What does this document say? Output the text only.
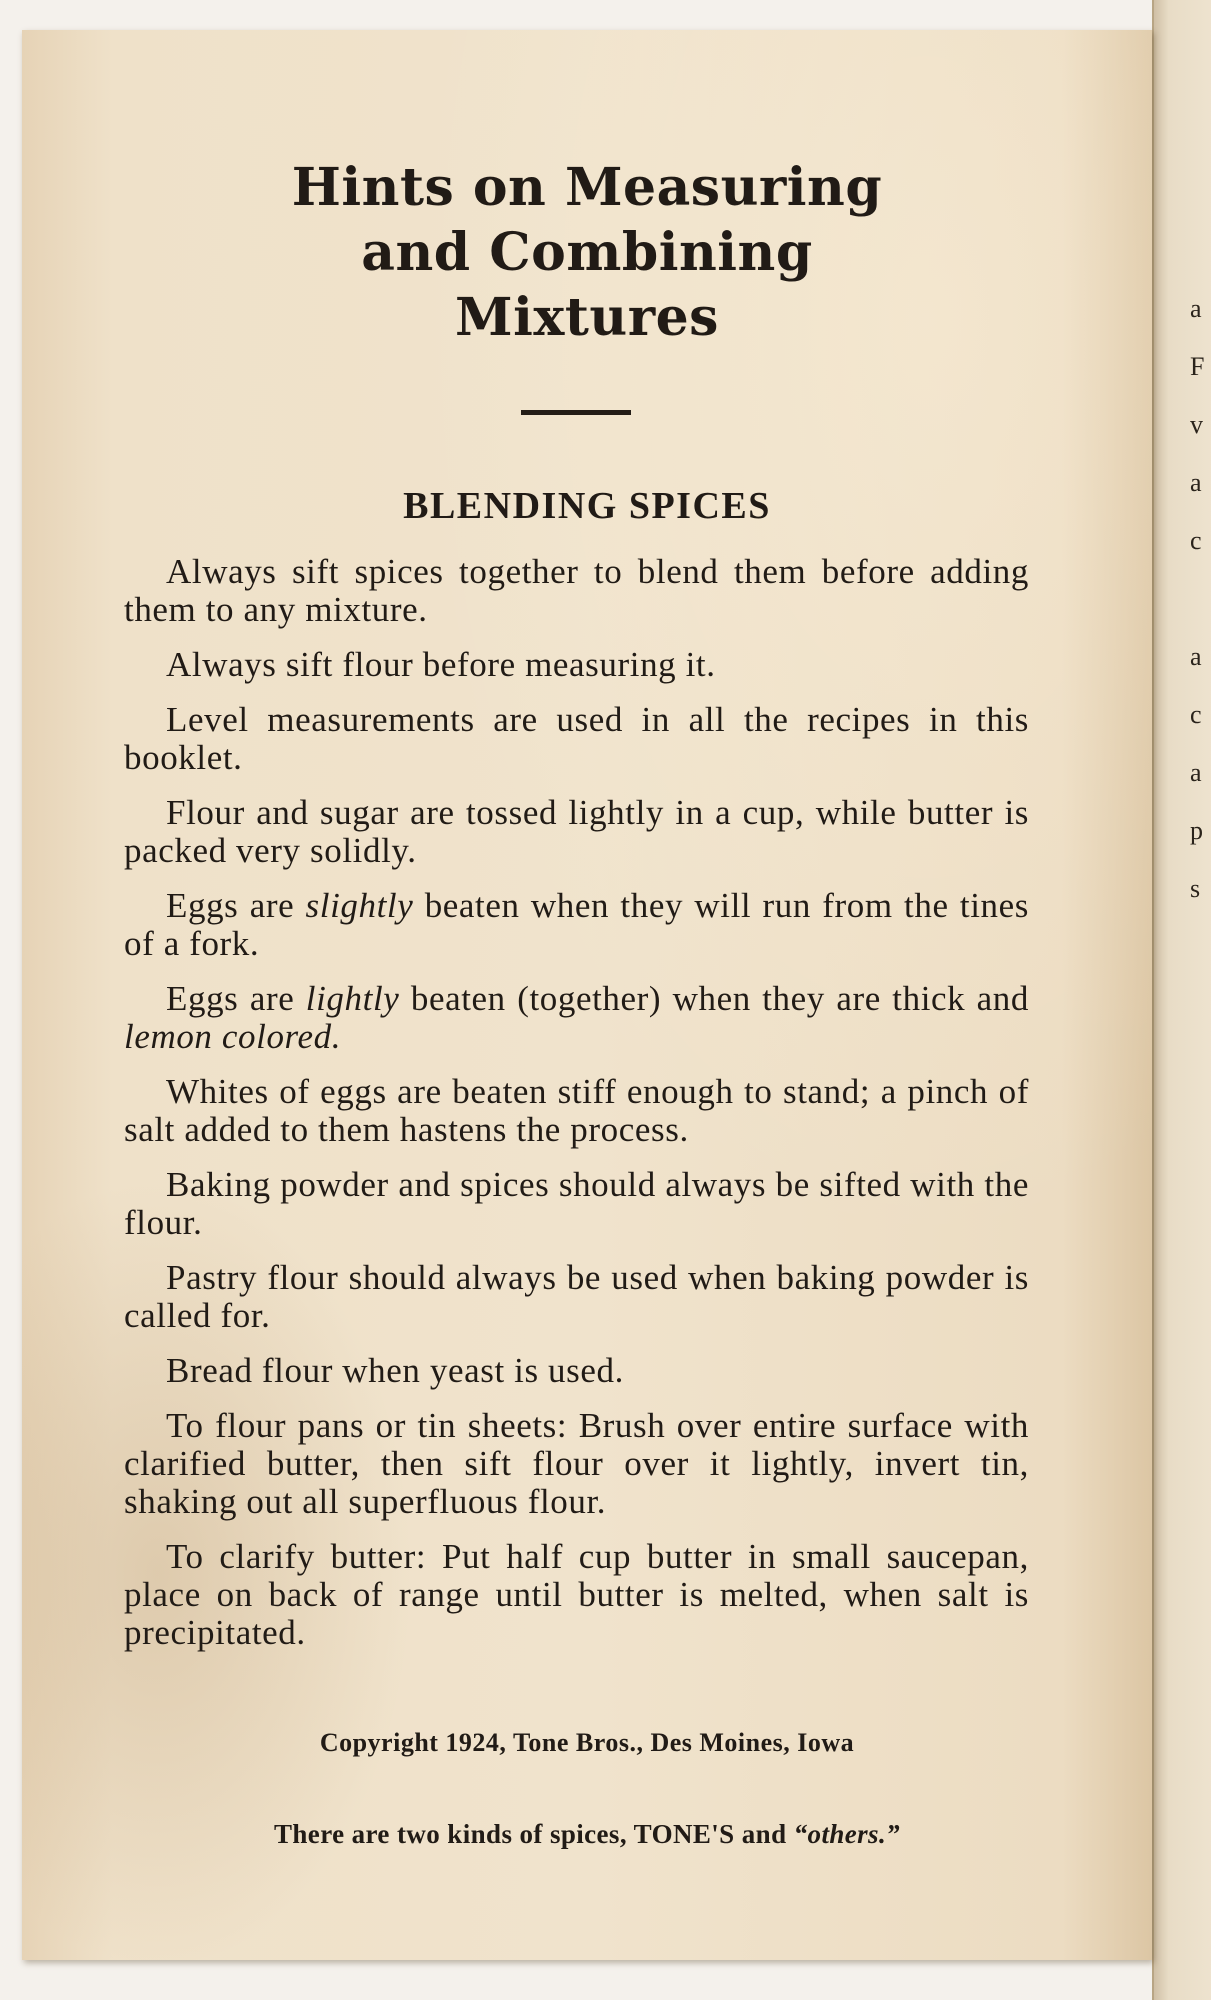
a
F
v
a
c

a
c
a
p
s
Hints on Measuring
and Combining
Mixtures
BLENDING SPICES

Always sift spices together to blend them before adding them to any mixture.

Always sift flour before measuring it.

Level measurements are used in all the recipes in this booklet.

Flour and sugar are tossed lightly in a cup, while butter is packed very solidly.

Eggs are slightly beaten when they will run from the tines of a fork.

Eggs are lightly beaten (together) when they are thick and lemon colored.

Whites of eggs are beaten stiff enough to stand; a pinch of salt added to them hastens the process.

Baking powder and spices should always be sifted with the flour.

Pastry flour should always be used when baking powder is called for.

Bread flour when yeast is used.

To flour pans or tin sheets: Brush over entire surface with clarified butter, then sift flour over it lightly, invert tin, shaking out all superfluous flour.

To clarify butter: Put half cup butter in small saucepan, place on back of range until butter is melted, when salt is precipitated.

Copyright 1924, Tone Bros., Des Moines, Iowa
There are two kinds of spices, TONE'S and “others.”
